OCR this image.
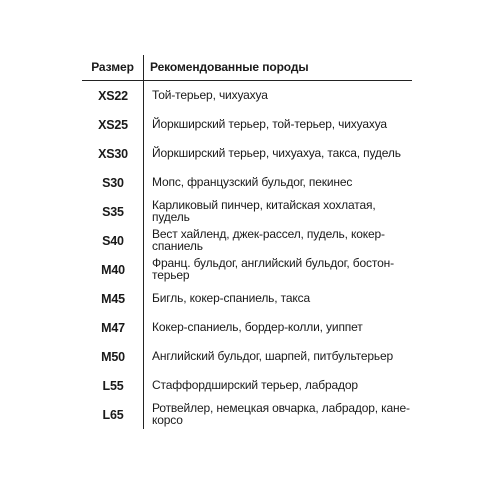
Размер	Рекомендованные породы
XS22	Той-терьер, чихуахуа
XS25	Йоркширский терьер, той-терьер, чихуахуа
XS30	Йоркширский терьер, чихуахуа, такса, пудель
S30	Мопс, французский бульдог, пекинес
S35	Карликовый пинчер, китайская хохлатая, пудель
S40	Вест хайленд, джек-рассел, пудель, кокер-спаниель
M40	Франц. бульдог, английский бульдог, бостон-терьер
M45	Бигль, кокер-спаниель, такса
M47	Кокер-спаниель, бордер-колли, уиппет
M50	Английский бульдог, шарпей, питбультерьер
L55	Стаффордширский терьер, лабрадор
L65	Ротвейлер, немецкая овчарка, лабрадор, кане-корсо
